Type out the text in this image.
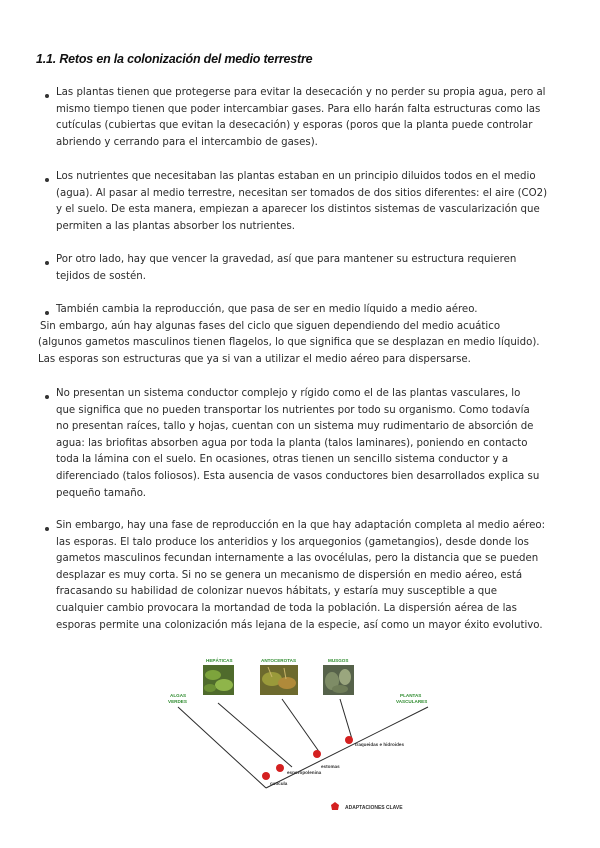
1.1. Retos en la colonización del medio terrestre
Las plantas tienen que protegerse para evitar la desecación y no perder su propia agua, pero al
mismo tiempo tienen que poder intercambiar gases. Para ello harán falta estructuras como las
cutículas (cubiertas que evitan la desecación) y esporas (poros que la planta puede controlar
abriendo y cerrando para el intercambio de gases).
Los nutrientes que necesitaban las plantas estaban en un principio diluidos todos en el medio
(agua). Al pasar al medio terrestre, necesitan ser tomados de dos sitios diferentes: el aire (CO2)
y el suelo. De esta manera, empiezan a aparecer los distintos sistemas de vascularización que
permiten a las plantas absorber los nutrientes.
Por otro lado, hay que vencer la gravedad, así que para mantener su estructura requieren
tejidos de sostén.
También cambia la reproducción, que pasa de ser en medio líquido a medio aéreo.
Sin embargo, aún hay algunas fases del ciclo que siguen dependiendo del medio acuático
(algunos gametos masculinos tienen flagelos, lo que significa que se desplazan en medio líquido).
Las esporas son estructuras que ya si van a utilizar el medio aéreo para dispersarse.
No presentan un sistema conductor complejo y rígido como el de las plantas vasculares, lo
que significa que no pueden transportar los nutrientes por todo su organismo. Como todavía
no presentan raíces, tallo y hojas, cuentan con un sistema muy rudimentario de absorción de
agua: las briofitas absorben agua por toda la planta (talos laminares), poniendo en contacto
toda la lámina con el suelo. En ocasiones, otras tienen un sencillo sistema conductor y a
diferenciado (talos foliosos). Esta ausencia de vasos conductores bien desarrollados explica su
pequeño tamaño.
Sin embargo, hay una fase de reproducción en la que hay adaptación completa al medio aéreo:
las esporas. El talo produce los anteridios y los arquegonios (gametangios), desde donde los
gametos masculinos fecundan internamente a las ovocélulas, pero la distancia que se pueden
desplazar es muy corta. Si no se genera un mecanismo de dispersión en medio aéreo, está
fracasando su habilidad de colonizar nuevos hábitats, y estaría muy susceptible a que
cualquier cambio provocara la mortandad de toda la población. La dispersión aérea de las
esporas permite una colonización más lejana de la especie, así como un mayor éxito evolutivo.
HEPÁTICAS	ANTOCEROTAS	MUSGOS
ALGAS
VERDES
PLANTAS
VASCULARES
cutícula
esporopolenina
estomas
traqueidas e hidroides
ADAPTACIONES CLAVE
